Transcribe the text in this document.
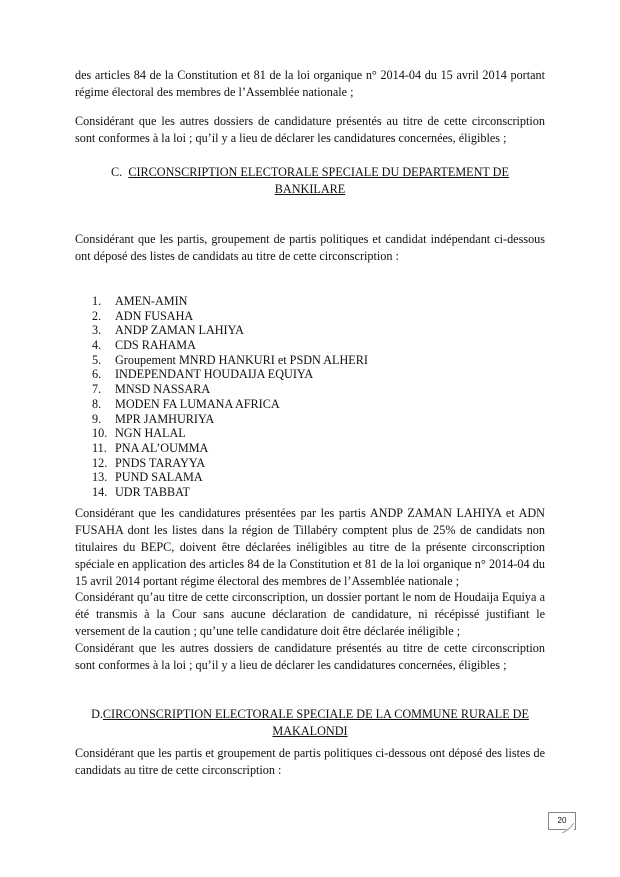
des articles 84 de la Constitution et 81 de la loi organique n° 2014-04 du 15 avril 2014 portant régime électoral des membres de l’Assemblée nationale ;

Considérant que les autres dossiers de candidature présentés au titre de cette circonscription sont conformes à la loi ; qu’il y a lieu de déclarer les candidatures concernées, éligibles ;

C. CIRCONSCRIPTION ELECTORALE SPECIALE DU DEPARTEMENT DE BANKILARE

Considérant que les partis, groupement de partis politiques et candidat indépendant ci-dessous ont déposé des listes de candidats au titre de cette circonscription :

1. AMEN-AMIN
2. ADN FUSAHA
3. ANDP ZAMAN LAHIYA
4. CDS RAHAMA
5. Groupement MNRD HANKURI et PSDN ALHERI
6. INDEPENDANT HOUDAIJA EQUIYA
7. MNSD NASSARA
8. MODEN FA LUMANA AFRICA
9. MPR JAMHURIYA
10. NGN HALAL
11. PNA AL’OUMMA
12. PNDS TARAYYA
13. PUND SALAMA
14. UDR TABBAT

Considérant que les candidatures présentées par les partis ANDP ZAMAN LAHIYA et ADN FUSAHA dont les listes dans la région de Tillabéry comptent plus de 25% de candidats non titulaires du BEPC, doivent être déclarées inéligibles au titre de la présente circonscription spéciale en application des articles 84 de la Constitution et 81 de la loi organique n° 2014-04 du 15 avril 2014 portant régime électoral des membres de l’Assemblée nationale ;

Considérant qu’au titre de cette circonscription, un dossier portant le nom de Houdaija Equiya a été transmis à la Cour sans aucune déclaration de candidature, ni récépissé justifiant le versement de la caution ; qu’une telle candidature doit être déclarée inéligible ;

Considérant que les autres dossiers de candidature présentés au titre de cette circonscription sont conformes à la loi ; qu’il y a lieu de déclarer les candidatures concernées, éligibles ;

D.CIRCONSCRIPTION ELECTORALE SPECIALE DE LA COMMUNE RURALE DE MAKALONDI

Considérant que les partis et groupement de partis politiques ci-dessous ont déposé des listes de candidats au titre de cette circonscription :

20
